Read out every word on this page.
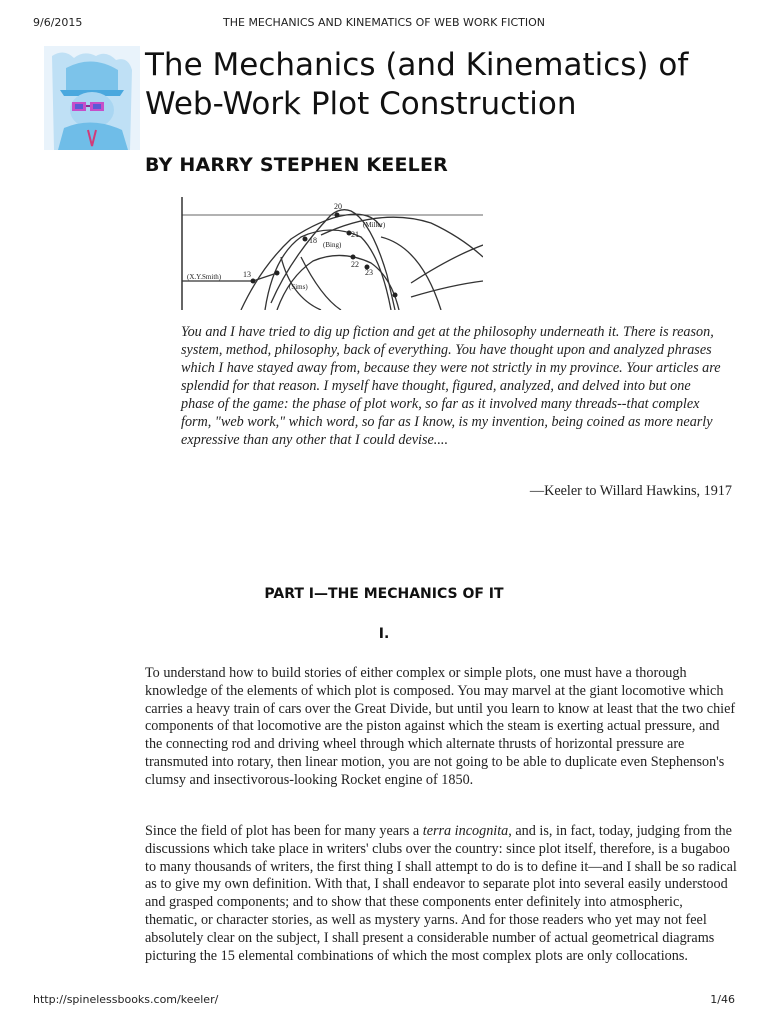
9/6/2015	THE MECHANICS AND KINEMATICS OF WEB WORK FICTION
The Mechanics (and Kinematics) of
Web-Work Plot Construction
BY HARRY STEPHEN KEELER
20
21
22
23
13
18
(X.Y.Smith)
(Miller)
(Bing)
(Sims)

You and I have tried to dig up fiction and get at the philosophy underneath it. There is reason, system, method, philosophy, back of everything. You have thought upon and analyzed phrases which I have stayed away from, because they were not strictly in my province. Your articles are splendid for that reason. I myself have thought, figured, analyzed, and delved into but one phase of the game: the phase of plot work, so far as it involved many threads--that complex form, "web work," which word, so far as I know, is my invention, being coined as more nearly expressive than any other that I could devise....

—Keeler to Willard Hawkins, 1917

PART I—THE MECHANICS OF IT
I.

To understand how to build stories of either complex or simple plots, one must have a thorough knowledge of the elements of which plot is composed. You may marvel at the giant locomotive which carries a heavy train of cars over the Great Divide, but until you learn to know at least that the two chief components of that locomotive are the piston against which the steam is exerting actual pressure, and the connecting rod and driving wheel through which alternate thrusts of horizontal pressure are transmuted into rotary, then linear motion, you are not going to be able to duplicate even Stephenson's clumsy and insectivorous-looking Rocket engine of 1850.

Since the field of plot has been for many years a terra incognita, and is, in fact, today, judging from the discussions which take place in writers' clubs over the country: since plot itself, therefore, is a bugaboo to many thousands of writers, the first thing I shall attempt to do is to define it—and I shall be so radical as to give my own definition. With that, I shall endeavor to separate plot into several easily understood and grasped components; and to show that these components enter definitely into atmospheric, thematic, or character stories, as well as mystery yarns. And for those readers who yet may not feel absolutely clear on the subject, I shall present a considerable number of actual geometrical diagrams picturing the 15 elemental combinations of which the most complex plots are only collocations.

http://spinelessbooks.com/keeler/	1/46
